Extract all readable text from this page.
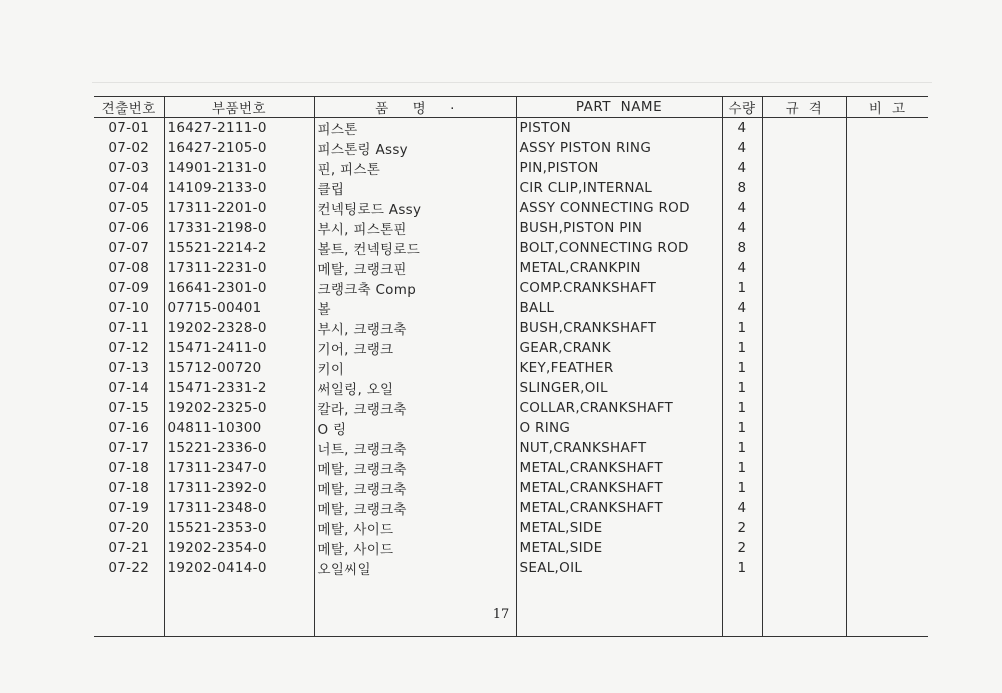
견출번호	부품번호	품     명     ·	PART  NAME	수량	규  격	비  고
07-01	16427-2111-0	피스톤	PISTON	4		
07-02	16427-2105-0	피스톤링 Assy	ASSY PISTON RING	4		
07-03	14901-2131-0	핀, 피스톤	PIN,PISTON	4		
07-04	14109-2133-0	클립	CIR CLIP,INTERNAL	8		
07-05	17311-2201-0	컨넥팅로드 Assy	ASSY CONNECTING ROD	4		
07-06	17331-2198-0	부시, 피스톤핀	BUSH,PISTON PIN	4		
07-07	15521-2214-2	볼트, 컨넥팅로드	BOLT,CONNECTING ROD	8		
07-08	17311-2231-0	메탈, 크랭크핀	METAL,CRANKPIN	4		
07-09	16641-2301-0	크랭크축 Comp	COMP.CRANKSHAFT	1		
07-10	07715-00401	볼	BALL	4		
07-11	19202-2328-0	부시, 크랭크축	BUSH,CRANKSHAFT	1		
07-12	15471-2411-0	기어, 크랭크	GEAR,CRANK	1		
07-13	15712-00720	키이	KEY,FEATHER	1		
07-14	15471-2331-2	써일링, 오일	SLINGER,OIL	1		
07-15	19202-2325-0	칼라, 크랭크축	COLLAR,CRANKSHAFT	1		
07-16	04811-10300	O 링	O RING	1		
07-17	15221-2336-0	너트, 크랭크축	NUT,CRANKSHAFT	1		
07-18	17311-2347-0	메탈, 크랭크축	METAL,CRANKSHAFT	1		
07-18	17311-2392-0	메탈, 크랭크축	METAL,CRANKSHAFT	1		
07-19	17311-2348-0	메탈, 크랭크축	METAL,CRANKSHAFT	4		
07-20	15521-2353-0	메탈, 사이드	METAL,SIDE	2		
07-21	19202-2354-0	메탈, 사이드	METAL,SIDE	2		
07-22	19202-0414-0	오일씨일	SEAL,OIL	1		

17
